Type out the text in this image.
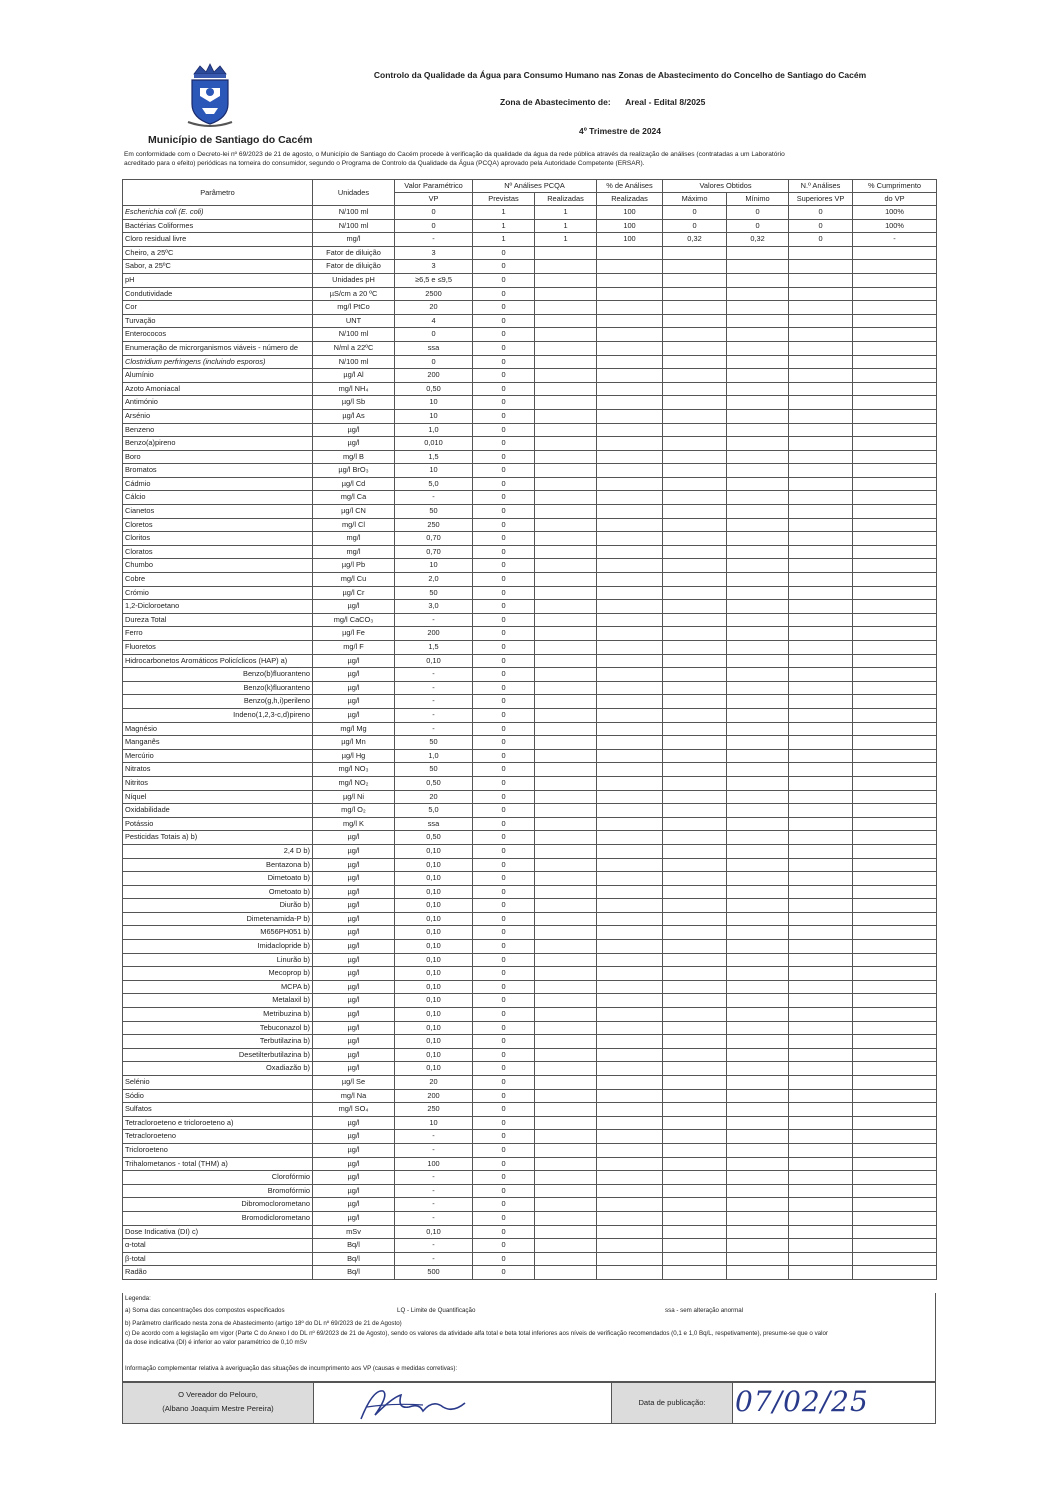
Município de Santiago do Cacém
Controlo da Qualidade da Água para Consumo Humano nas Zonas de Abastecimento do Concelho de Santiago do Cacém
Zona de Abastecimento de: Areal - Edital 8/2025
4º Trimestre de 2024
Em conformidade com o Decreto-lei nº 69/2023 de 21 de agosto, o Município de Santiago do Cacém procede à verificação da qualidade da água da rede pública através da realização de análises (contratadas a um Laboratório
acreditado para o efeito) periódicas na torneira do consumidor, segundo o Programa de Controlo da Qualidade da Água (PCQA) aprovado pela Autoridade Competente (ERSAR).
Parâmetro	Unidades	Valor Paramétrico	Nº Análises PCQA		% de Análises	Valores Obtidos		N.º Análises	% Cumprimento
		VP	Previstas	Realizadas	Realizadas	Máximo	Mínimo	Superiores VP	do VP
Escherichia coli (E. coli)	N/100 ml	0	1	1	100	0	0	0	100%
Bactérias Coliformes	N/100 ml	0	1	1	100	0	0	0	100%
Cloro residual livre	mg/l	-	1	1	100	0,32	0,32	0	-
Cheiro, a 25ºC	Fator de diluição	3	0						
Sabor, a 25ºC	Fator de diluição	3	0						
pH	Unidades pH	≥6,5 e ≤9,5	0						
Condutividade	µS/cm a 20 ºC	2500	0						
Cor	mg/l PtCo	20	0						
Turvação	UNT	4	0						
Enterococos	N/100 ml	0	0						
Enumeração de microrganismos viáveis - número de	N/ml a 22ºC	ssa	0						
Clostridium perfringens (incluindo esporos)	N/100 ml	0	0						
Alumínio	µg/l Al	200	0						
Azoto Amoniacal	mg/l NH₄	0,50	0						
Antimónio	µg/l Sb	10	0						
Arsénio	µg/l As	10	0						
Benzeno	µg/l	1,0	0						
Benzo(a)pireno	µg/l	0,010	0						
Boro	mg/l B	1,5	0						
Bromatos	µg/l BrO₃	10	0						
Cádmio	µg/l Cd	5,0	0						
Cálcio	mg/l Ca	-	0						
Cianetos	µg/l CN	50	0						
Cloretos	mg/l Cl	250	0						
Cloritos	mg/l	0,70	0						
Cloratos	mg/l	0,70	0						
Chumbo	µg/l Pb	10	0						
Cobre	mg/l Cu	2,0	0						
Crómio	µg/l Cr	50	0						
1,2-Dicloroetano	µg/l	3,0	0						
Dureza Total	mg/l CaCO₃	-	0						
Ferro	µg/l Fe	200	0						
Fluoretos	mg/l F	1,5	0						
Hidrocarbonetos Aromáticos Policíclicos (HAP) a)	µg/l	0,10	0						
Benzo(b)fluoranteno	µg/l	-	0						
Benzo(k)fluoranteno	µg/l	-	0						
Benzo(g,h,i)perileno	µg/l	-	0						
Indeno(1,2,3-c,d)pireno	µg/l	-	0						
Magnésio	mg/l Mg	-	0						
Manganês	µg/l Mn	50	0						
Mercúrio	µg/l Hg	1,0	0						
Nitratos	mg/l NO₃	50	0						
Nitritos	mg/l NO₂	0,50	0						
Níquel	µg/l Ni	20	0						
Oxidabilidade	mg/l O₂	5,0	0						
Potássio	mg/l K	ssa	0						
Pesticidas Totais a) b)	µg/l	0,50	0						
2,4 D b)	µg/l	0,10	0						
Bentazona b)	µg/l	0,10	0						
Dimetoato b)	µg/l	0,10	0						
Ometoato b)	µg/l	0,10	0						
Diurão b)	µg/l	0,10	0						
Dimetenamida-P b)	µg/l	0,10	0						
M656PH051 b)	µg/l	0,10	0						
Imidaclopride b)	µg/l	0,10	0						
Linurão b)	µg/l	0,10	0						
Mecoprop b)	µg/l	0,10	0						
MCPA b)	µg/l	0,10	0						
Metalaxil b)	µg/l	0,10	0						
Metribuzina b)	µg/l	0,10	0						
Tebuconazol b)	µg/l	0,10	0						
Terbutilazina b)	µg/l	0,10	0						
Desetilterbutilazina b)	µg/l	0,10	0						
Oxadiazão b)	µg/l	0,10	0						
Selénio	µg/l Se	20	0						
Sódio	mg/l Na	200	0						
Sulfatos	mg/l SO₄	250	0						
Tetracloroeteno e tricloroeteno a)	µg/l	10	0						
Tetracloroeteno	µg/l	-	0						
Tricloroeteno	µg/l	-	0						
Trihalometanos - total (THM) a)	µg/l	100	0						
Clorofórmio	µg/l	-	0						
Bromofórmio	µg/l	-	0						
Dibromoclorometano	µg/l	-	0						
Bromodiclorometano	µg/l	-	0						
Dose Indicativa (DI) c)	mSv	0,10	0						
α-total	Bq/l	-	0						
β-total	Bq/l	-	0						
Radão	Bq/l	500	0						
Legenda:
a) Soma das concentrações dos compostos especificados	LQ - Limite de Quantificação	ssa - sem alteração anormal
b) Parâmetro clarificado nesta zona de Abastecimento (artigo 18º do DL nº 69/2023 de 21 de Agosto)
c) De acordo com a legislação em vigor (Parte C do Anexo I do DL nº 69/2023 de 21 de Agosto), sendo os valores da atividade alfa total e beta total inferiores aos níveis de verificação recomendados (0,1 e 1,0 Bq/L, respetivamente), presume-se que o valor
da dose indicativa (DI) é inferior ao valor paramétrico de 0,10 mSv
Informação complementar relativa à averiguação das situações de incumprimento aos VP (causas e medidas corretivas):
O Vereador do Pelouro,
(Albano Joaquim Mestre Pereira)
Data de publicação:	07/02/25
